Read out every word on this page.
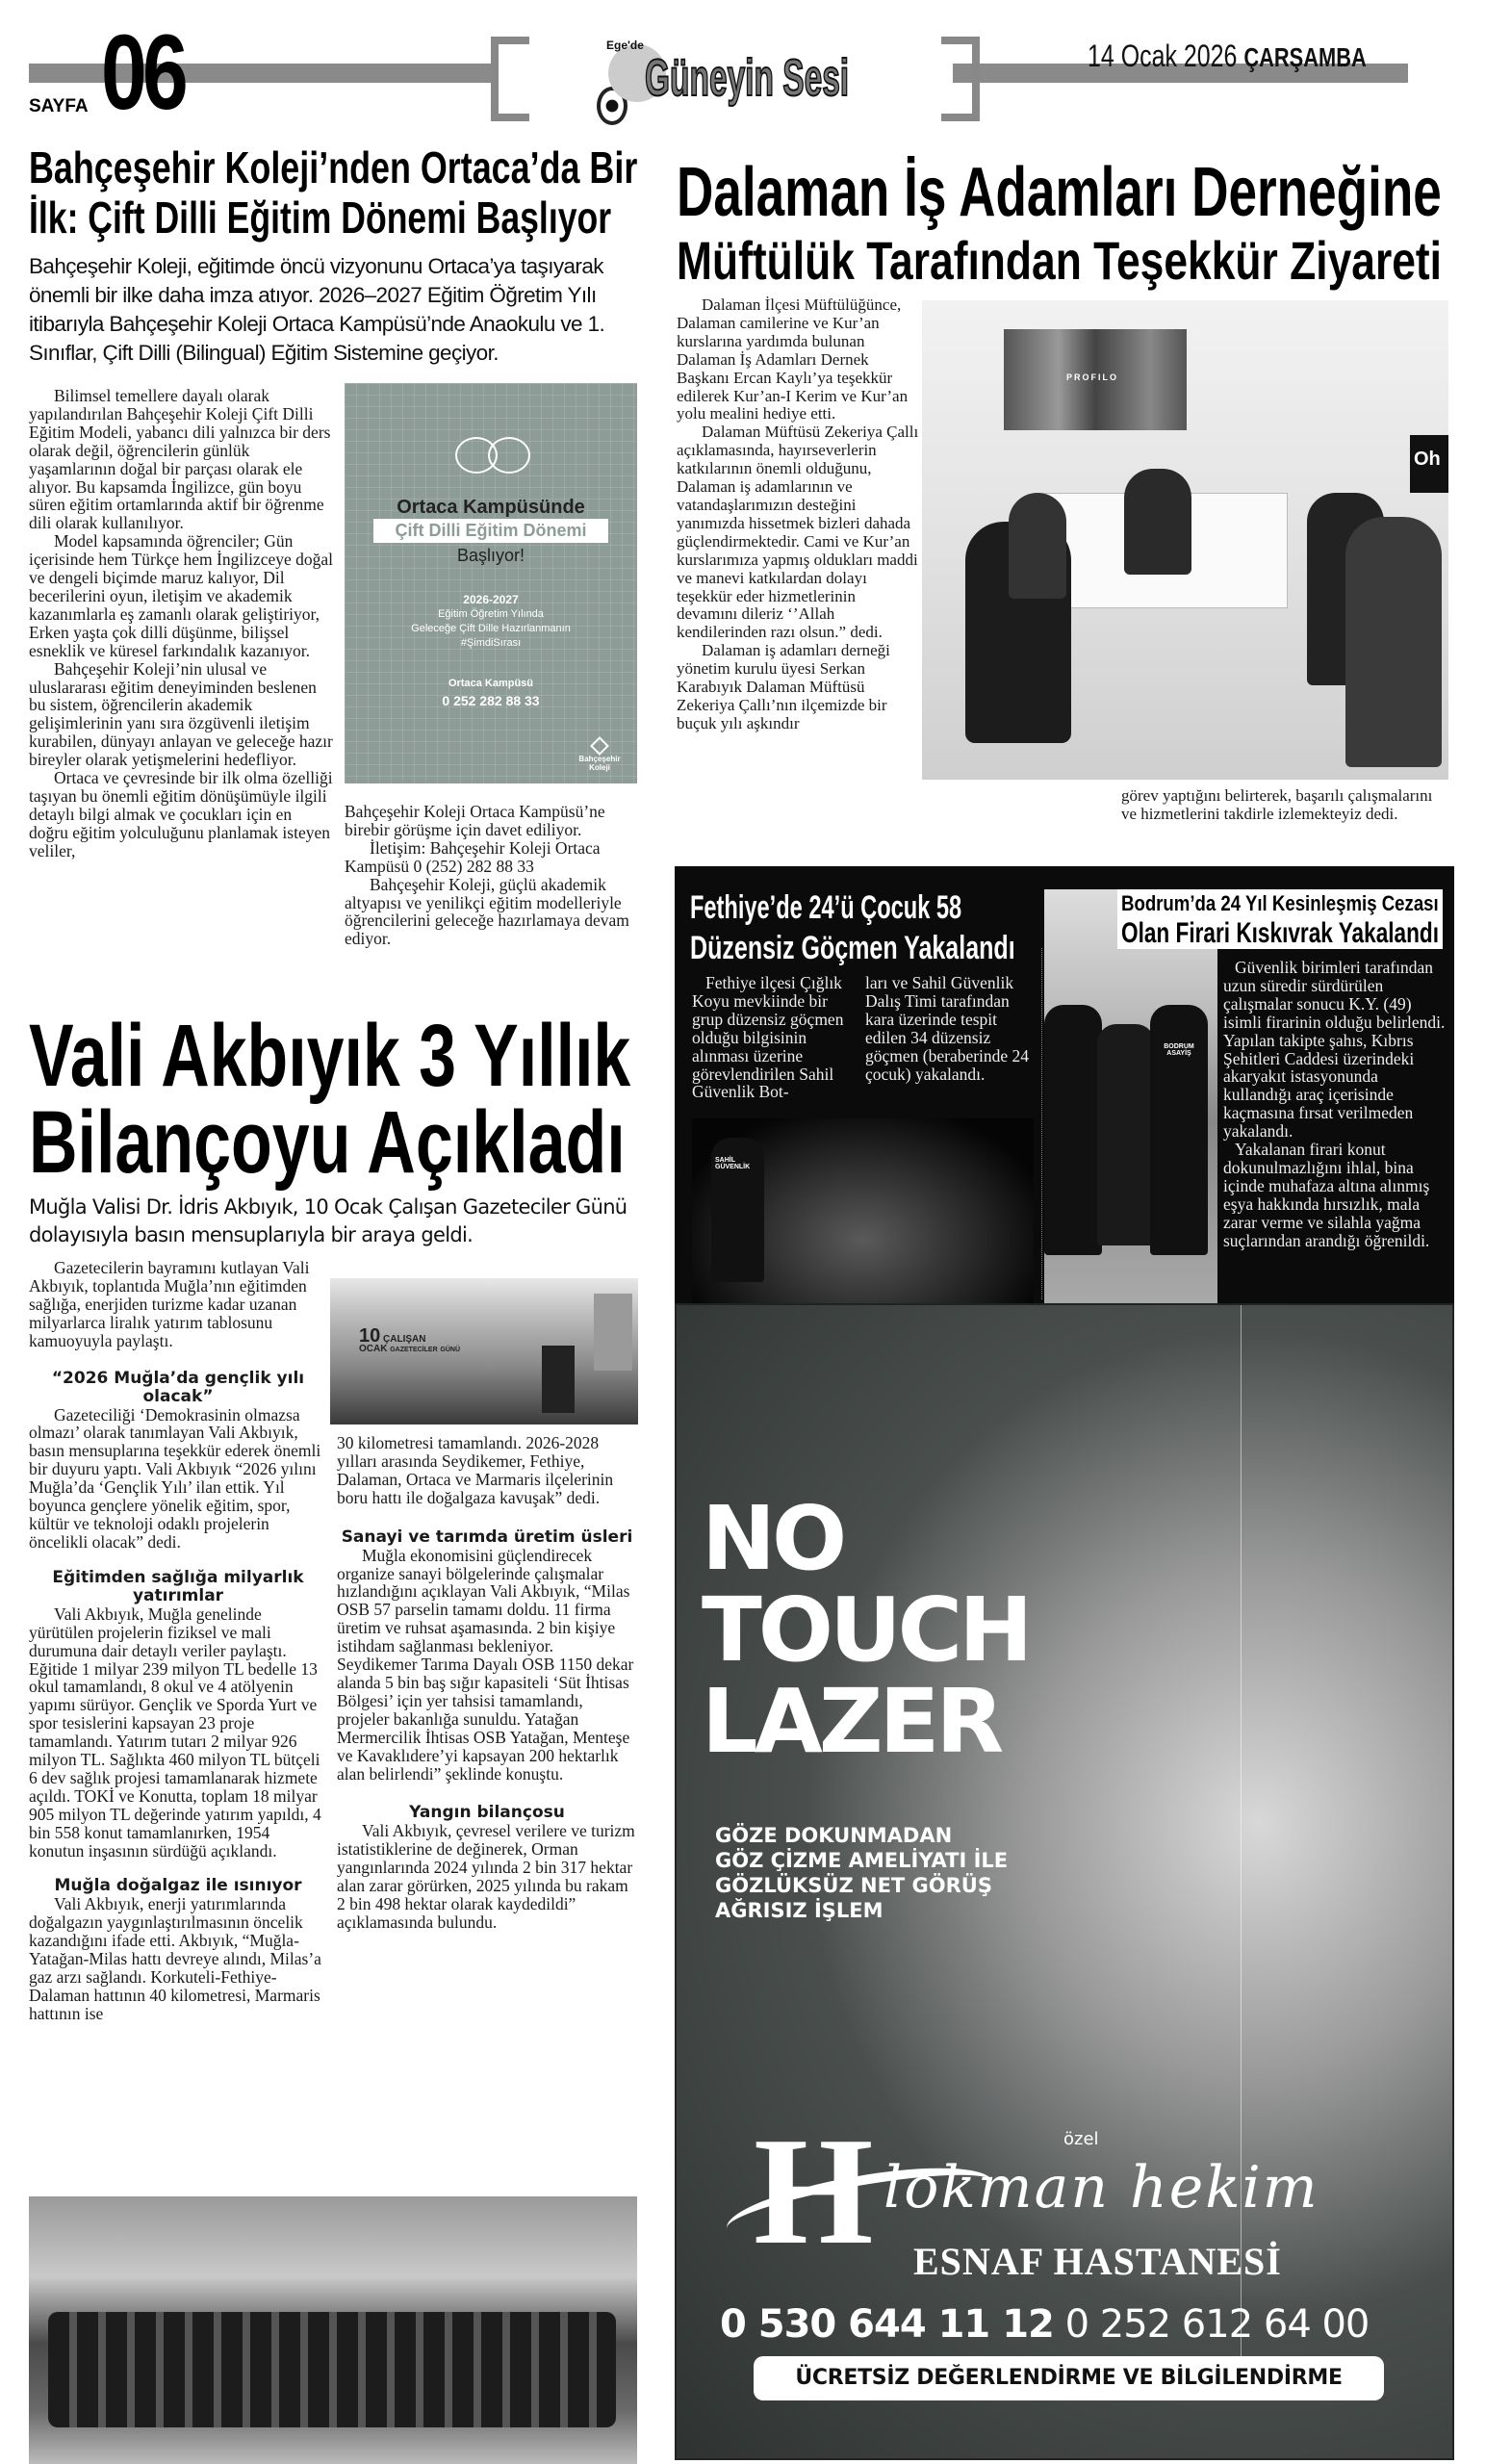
SAYFA 06	Ege'de
Güneyin Sesi	14 Ocak 2026 ÇARŞAMBA
Bahçeşehir Koleji’nden Ortaca’da Bir
İlk: Çift Dilli Eğitim Dönemi Başlıyor
Bahçeşehir Koleji, eğitimde öncü vizyonunu Ortaca’ya taşıyarak önemli bir ilke daha imza atıyor. 2026–2027 Eğitim Öğretim Yılı itibarıyla Bahçeşehir Koleji Ortaca Kampüsü’nde Anaokulu ve 1. Sınıflar, Çift Dilli (Bilingual) Eğitim Sistemine geçiyor.

Bilimsel temellere dayalı olarak yapılandırılan Bahçeşehir Koleji Çift Dilli Eğitim Modeli, yabancı dili yalnızca bir ders olarak değil, öğrencilerin günlük yaşamlarının doğal bir parçası olarak ele alıyor. Bu kapsamda İngilizce, gün boyu süren eğitim ortamlarında aktif bir öğrenme dili olarak kullanılıyor.

Model kapsamında öğrenciler; Gün içerisinde hem Türkçe hem İngilizceye doğal ve dengeli biçimde maruz kalıyor, Dil becerilerini oyun, iletişim ve akademik kazanımlarla eş zamanlı olarak geliştiriyor, Erken yaşta çok dilli düşünme, bilişsel esneklik ve küresel farkındalık kazanıyor.

Bahçeşehir Koleji’nin ulusal ve uluslararası eğitim deneyiminden beslenen bu sistem, öğrencilerin akademik gelişimlerinin yanı sıra özgüvenli iletişim kurabilen, dünyayı anlayan ve geleceğe hazır bireyler olarak yetişmelerini hedefliyor.

Ortaca ve çevresinde bir ilk olma özelliği taşıyan bu önemli eğitim dönüşümüyle ilgili detaylı bilgi almak ve çocukları için en doğru eğitim yolculuğunu planlamak isteyen veliler,

Ortaca Kampüsünde
Çift Dilli Eğitim Dönemi
Başlıyor!
2026-2027
Eğitim Öğretim Yılında
Geleceğe Çift Dille Hazırlanmanın
#ŞimdiSırası
Ortaca Kampüsü
0 252 282 88 33
Bahçeşehir Koleji

Bahçeşehir Koleji Ortaca Kampüsü’ne birebir görüşme için davet ediliyor.

İletişim: Bahçeşehir Koleji Ortaca Kampüsü 0 (252) 282 88 33

Bahçeşehir Koleji, güçlü akademik altyapısı ve yenilikçi eğitim modelleriyle öğrencilerini geleceğe hazırlamaya devam ediyor.

Dalaman İş Adamları Derneğine
Müftülük Tarafından Teşekkür Ziyareti

Dalaman İlçesi Müftülüğünce, Dalaman camilerine ve Kur’an kurslarına yardımda bulunan Dalaman İş Adamları Dernek Başkanı Ercan Kaylı’ya teşekkür edilerek Kur’an-I Kerim ve Kur’an yolu mealini hediye etti.

Dalaman Müftüsü Zekeriya Çallı açıklamasında, hayırseverlerin katkılarının önemli olduğunu, Dalaman iş adamlarının ve vatandaşlarımızın desteğini yanımızda hissetmek bizleri dahada güçlendirmektedir. Cami ve Kur’an kurslarımıza yapmış oldukları maddi ve manevi katkılardan dolayı teşekkür eder hizmetlerinin devamını dileriz ‘’Allah kendilerinden razı olsun.” dedi.

Dalaman iş adamları derneği yönetim kurulu üyesi Serkan Karabıyık Dalaman Müftüsü Zekeriya Çallı’nın ilçemizde bir buçuk yılı aşkındır

PROFILO
Oh
görev yaptığını belirterek, başarılı çalışmalarını ve hizmetlerini takdirle izlemekteyiz dedi.
Fethiye’de 24’ü Çocuk 58
Düzensiz Göçmen Yakalandı
Fethiye ilçesi Çığlık Koyu mevkiinde bir grup düzensiz göçmen olduğu bilgisinin alınması üzerine görevlendirilen Sahil Güvenlik Bot-
ları ve Sahil Güvenlik Dalış Timi tarafından kara üzerinde tespit edilen 34 düzensiz göçmen (beraberinde 24 çocuk) yakalandı.
SAHİL GÜVENLİK
BODRUM ASAYİŞ
Bodrum’da 24 Yıl Kesinleşmiş Cezası
Olan Firari Kıskıvrak Yakalandı

Güvenlik birimleri tarafından uzun süredir sürdürülen çalışmalar sonucu K.Y. (49) isimli firarinin olduğu belirlendi. Yapılan takipte şahıs, Kıbrıs Şehitleri Caddesi üzerindeki akaryakıt istasyonunda kullandığı araç içerisinde kaçmasına fırsat verilmeden yakalandı.

Yakalanan firari konut dokunulmazlığını ihlal, bina içinde muhafaza altına alınmış eşya hakkında hırsızlık, mala zarar verme ve silahla yağma suçlarından arandığı öğrenildi.

Vali Akbıyık 3 Yıllık
Bilançoyu Açıkladı
Muğla Valisi Dr. İdris Akbıyık, 10 Ocak Çalışan Gazeteciler Günü dolayısıyla basın mensuplarıyla bir araya geldi.

Gazetecilerin bayramını kutlayan Vali Akbıyık, toplantıda Muğla’nın eğitimden sağlığa, enerjiden turizme kadar uzanan milyarlarca liralık yatırım tablosunu kamuoyuyla paylaştı.

“2026 Muğla’da gençlik yılı olacak”

Gazeteciliği ‘Demokrasinin olmazsa olmazı’ olarak tanımlayan Vali Akbıyık, basın mensuplarına teşekkür ederek önemli bir duyuru yaptı. Vali Akbıyık “2026 yılını Muğla’da ‘Gençlik Yılı’ ilan ettik. Yıl boyunca gençlere yönelik eğitim, spor, kültür ve teknoloji odaklı projelerin öncelikli olacak” dedi.

Eğitimden sağlığa milyarlık yatırımlar

Vali Akbıyık, Muğla genelinde yürütülen projelerin fiziksel ve mali durumuna dair detaylı veriler paylaştı. Eğitide 1 milyar 239 milyon TL bedelle 13 okul tamamlandı, 8 okul ve 4 atölyenin yapımı sürüyor. Gençlik ve Sporda Yurt ve spor tesislerini kapsayan 23 proje tamamlandı. Yatırım tutarı 2 milyar 926 milyon TL. Sağlıkta 460 milyon TL bütçeli 6 dev sağlık projesi tamamlanarak hizmete açıldı. TOKİ ve Konutta, toplam 18 milyar 905 milyon TL değerinde yatırım yapıldı, 4 bin 558 konut tamamlanırken, 1954 konutun inşasının sürdüğü açıklandı.

Muğla doğalgaz ile ısınıyor

Vali Akbıyık, enerji yatırımlarında doğalgazın yaygınlaştırılmasının öncelik kazandığını ifade etti. Akbıyık, “Muğla-Yatağan-Milas hattı devreye alındı, Milas’a gaz arzı sağlandı. Korkuteli-Fethiye-Dalaman hattının 40 kilometresi, Marmaris hattının ise

10 ÇALIŞAN
OCAK GAZETECİLER GÜNÜ

30 kilometresi tamamlandı. 2026-2028 yılları arasında Seydikemer, Fethiye, Dalaman, Ortaca ve Marmaris ilçelerinin boru hattı ile doğalgaza kavuşak” dedi.

Sanayi ve tarımda üretim üsleri

Muğla ekonomisini güçlendirecek organize sanayi bölgelerinde çalışmalar hızlandığını açıklayan Vali Akbıyık, “Milas OSB 57 parselin tamamı doldu. 11 firma üretim ve ruhsat aşamasında. 2 bin kişiye istihdam sağlanması bekleniyor. Seydikemer Tarıma Dayalı OSB 1150 dekar alanda 5 bin baş sığır kapasiteli ‘Süt İhtisas Bölgesi’ için yer tahsisi tamamlandı, projeler bakanlığa sunuldu. Yatağan Mermercilik İhtisas OSB Yatağan, Menteşe ve Kavaklıdere’yi kapsayan 200 hektarlık alan belirlendi” şeklinde konuştu.

Yangın bilançosu

Vali Akbıyık, çevresel verilere ve turizm istatistiklerine de değinerek, Orman yangınlarında 2024 yılında 2 bin 317 hektar alan zarar görürken, 2025 yılında bu rakam 2 bin 498 hektar olarak kaydedildi” açıklamasında bulundu.

NO
TOUCH
LAZER
GÖZE DOKUNMADAN
GÖZ ÇİZME AMELİYATI İLE
GÖZLÜKSÜZ NET GÖRÜŞ
AĞRISIZ İŞLEM
H	özel
lokman hekim
ESNAF HASTANESİ
0 530 644 11 12 0 252 612 64 00
ÜCRETSİZ DEĞERLENDİRME VE BİLGİLENDİRME
